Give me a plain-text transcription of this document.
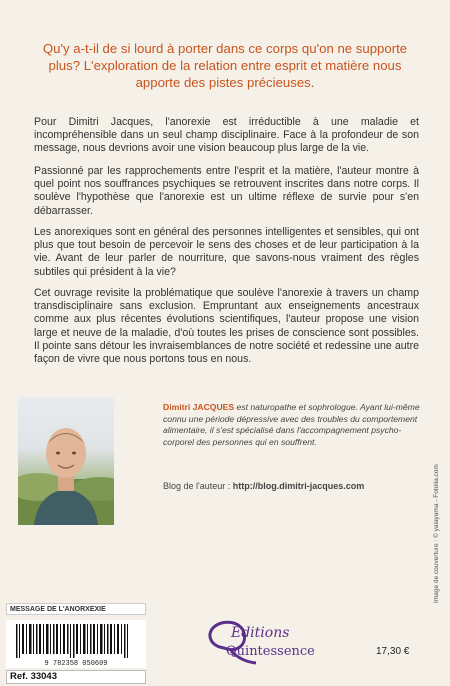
Qu'y a-t-il de si lourd à porter dans ce corps qu'on ne supporte plus? L'exploration de la relation entre esprit et matière nous apporte des pistes précieuses.
Pour Dimitri Jacques, l'anorexie est irréductible à une maladie et incompréhensible dans un seul champ disciplinaire. Face à la profondeur de son message, nous devrions avoir une vision beaucoup plus large de la vie.
Passionné par les rapprochements entre l'esprit et la matière, l'auteur montre à quel point nos souffrances psychiques se retrouvent inscrites dans notre corps. Il soulève l'hypothèse que l'anorexie est un ultime réflexe de survie pour s'en débarrasser.
Les anorexiques sont en général des personnes intelligentes et sensibles, qui ont plus que tout besoin de percevoir le sens des choses et de leur participation à la vie. Avant de leur parler de nourriture, que savons-nous vraiment des règles subtiles qui président à la vie?
Cet ouvrage revisite la problématique que soulève l'anorexie à travers un champ transdisciplinaire sans exclusion. Empruntant aux enseignements ancestraux comme aux plus récentes évolutions scientifiques, l'auteur propose une vision large et neuve de la maladie, d'où toutes les prises de conscience sont possibles. Il pointe sans détour les invraisemblances de notre société et redessine une autre façon de vivre que nous portons tous en nous.
Dimitri JACQUES est naturopathe et sophrologue. Ayant lui-même connu une période dépressive avec des troubles du comportement alimentaire, il s'est spécialisé dans l'accompagnement psycho-corporel des personnes qui en souffrent.
Blog de l'auteur : http://blog.dimitri-jacques.com	Image de couverture : © yalayama - Fotolia.com
MESSAGE DE L'ANORXEXIE
9 782358 050609
Ref. 33043
Éditions
Quintessence	17,30 €
